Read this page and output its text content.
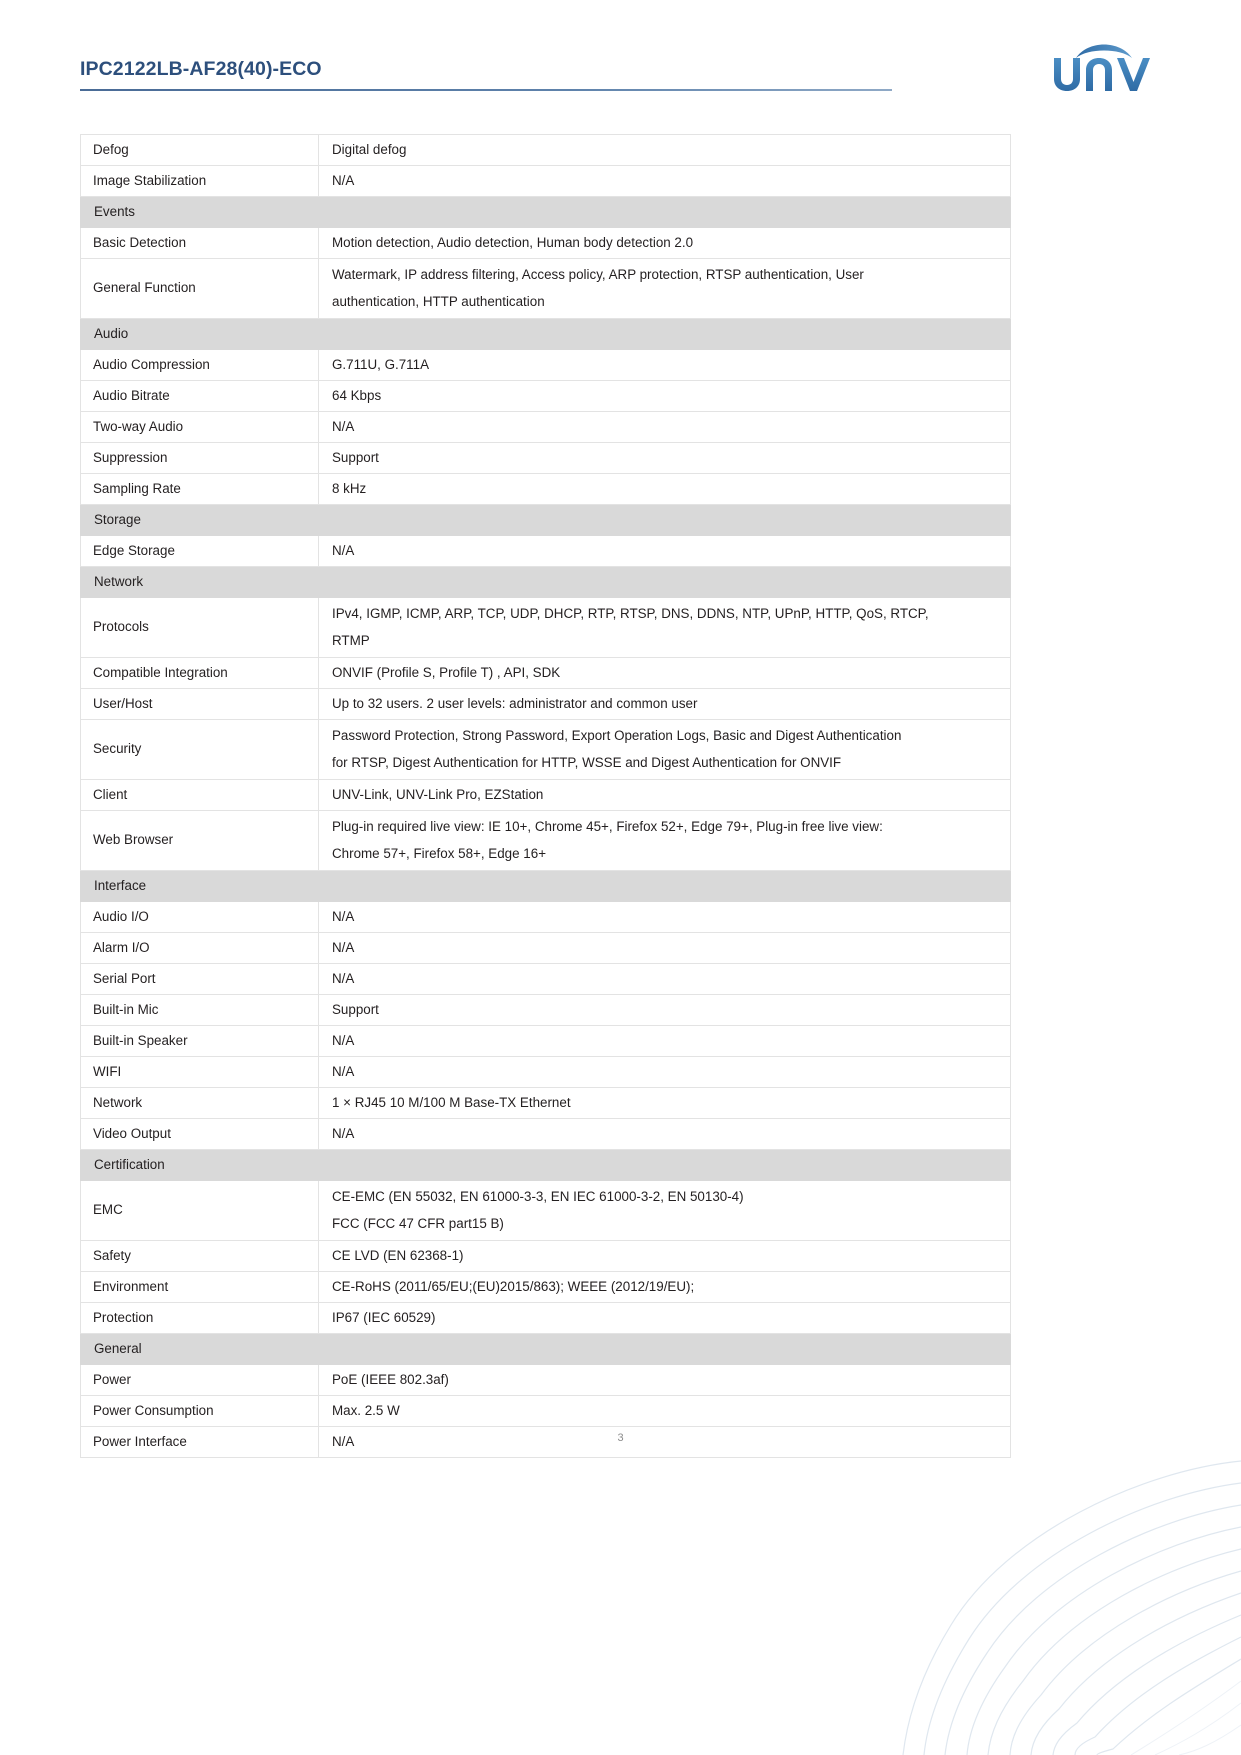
IPC2122LB-AF28(40)-ECO
Defog	Digital defog

Image Stabilization	N/A

Events	

Basic Detection	Motion detection, Audio detection, Human body detection 2.0

General Function	Watermark, IP address filtering, Access policy, ARP protection, RTSP authentication, User
authentication, HTTP authentication

Audio	

Audio Compression	G.711U, G.711A

Audio Bitrate	64 Kbps

Two-way Audio	N/A

Suppression	Support

Sampling Rate	8 kHz

Storage	

Edge Storage	N/A

Network	

Protocols	IPv4, IGMP, ICMP, ARP, TCP, UDP, DHCP, RTP, RTSP, DNS, DDNS, NTP, UPnP, HTTP, QoS, RTCP,
RTMP

Compatible Integration	ONVIF (Profile S, Profile T) , API, SDK

User/Host	Up to 32 users. 2 user levels: administrator and common user

Security	Password Protection, Strong Password, Export Operation Logs, Basic and Digest Authentication
for RTSP, Digest Authentication for HTTP, WSSE and Digest Authentication for ONVIF

Client	UNV-Link, UNV-Link Pro, EZStation

Web Browser	Plug-in required live view: IE 10+, Chrome 45+, Firefox 52+, Edge 79+, Plug-in free live view:
Chrome 57+, Firefox 58+, Edge 16+

Interface	

Audio I/O	N/A

Alarm I/O	N/A

Serial Port	N/A

Built-in Mic	Support

Built-in Speaker	N/A

WIFI	N/A

Network	1 × RJ45 10 M/100 M Base-TX Ethernet

Video Output	N/A

Certification	

EMC	CE-EMC (EN 55032, EN 61000-3-3, EN IEC 61000-3-2, EN 50130-4)
FCC (FCC 47 CFR part15 B)

Safety	CE LVD (EN 62368-1)

Environment	CE-RoHS (2011/65/EU;(EU)2015/863); WEEE (2012/19/EU);

Protection	IP67 (IEC 60529)

General	

Power	PoE (IEEE 802.3af)

Power Consumption	Max. 2.5 W

Power Interface	N/A	3
